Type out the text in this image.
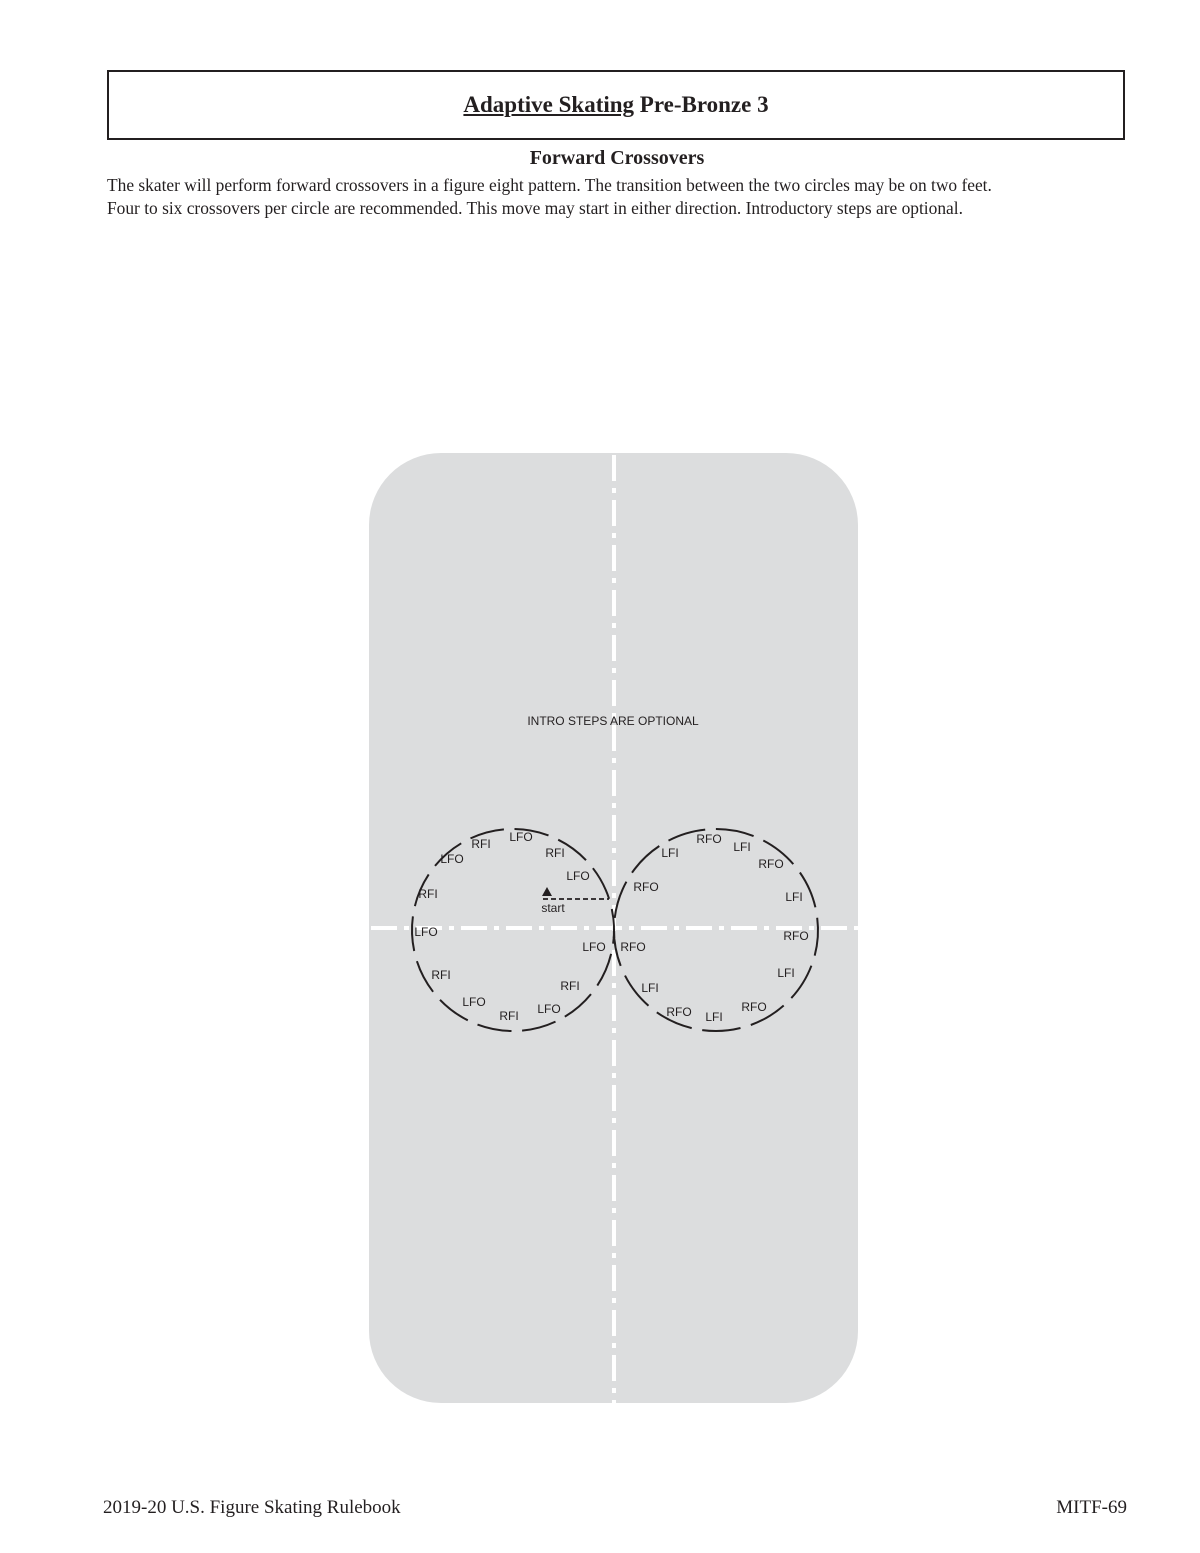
Adaptive Skating Pre-Bronze 3
Forward Crossovers
The skater will perform forward crossovers in a figure eight pattern. The transition between the two circles may be on two feet.
Four to six crossovers per circle are recommended. This move may start in either direction. Introductory steps are optional.
start
INTRO STEPS ARE OPTIONAL
LFO
RFI
LFO	RFI
LFO
RFI
LFO
RFI
LFO
LFO
RFI
LFO
RFI
RFO
LFI
RFO
LFI
RFO
LFI
RFO
LFI
RFO
LFI
RFO
LFI
RFO
2019-20 U.S. Figure Skating Rulebook	MITF-69
